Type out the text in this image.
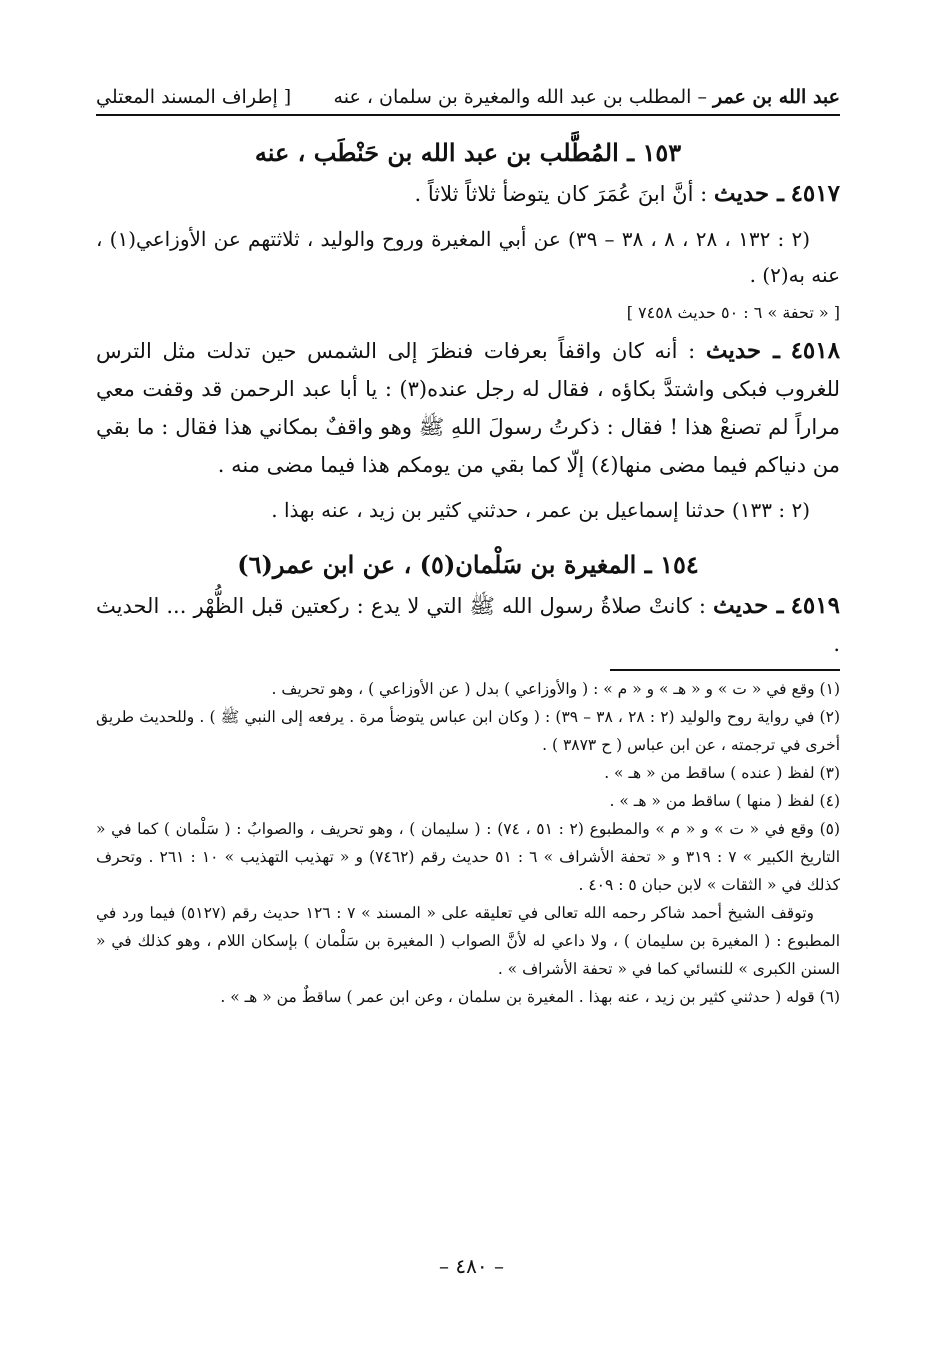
عبد الله بن عمر – المطلب بن عبد الله والمغيرة بن سلمان ، عنه
[ إطراف المسند المعتلي
١٥٣ ـ المُطَّلب بن عبد الله بن حَنْطَب ، عنه
٤٥١٧ ـ حديث : أنَّ ابنَ عُمَرَ كان يتوضأ ثلاثاً ثلاثاً .
(٢ : ١٣٢ ، ٢٨ ، ٨ ، ٣٨ – ٣٩) عن أبي المغيرة وروح والوليد ، ثلاثتهم عن الأوزاعي(١) ، عنه به(٢) .
[ « تحفة » ٦ : ٥٠ حديث ٧٤٥٨ ]
٤٥١٨ ـ حديث : أنه كان واقفاً بعرفات فنظرَ إلى الشمس حين تدلت مثل الترس للغروب فبكى واشتدَّ بكاؤه ، فقال له رجل عنده(٣) : يا أبا عبد الرحمن قد وقفت معي مراراً لم تصنعْ هذا ! فقال : ذكرتُ رسولَ اللهِ ﷺ وهو واقفٌ بمكاني هذا فقال : ما بقي من دنياكم فيما مضى منها(٤) إلّا كما بقي من يومكم هذا فيما مضى منه .
(٢ : ١٣٣) حدثنا إسماعيل بن عمر ، حدثني كثير بن زيد ، عنه بهذا .
١٥٤ ـ المغيرة بن سَلْمان(٥) ، عن ابن عمر(٦)
٤٥١٩ ـ حديث : كانتْ صلاةُ رسول الله ﷺ التي لا يدع : ركعتين قبل الظُّهْر ... الحديث .
(١) وقع في « ت » و « هـ » و « م » : ( والأوزاعي ) بدل ( عن الأوزاعي ) ، وهو تحريف .
(٢) في رواية روح والوليد (٢ : ٢٨ ، ٣٨ – ٣٩) : ( وكان ابن عباس يتوضأ مرة . يرفعه إلى النبي ﷺ ) . وللحديث طريق أخرى في ترجمته ، عن ابن عباس ( ح ٣٨٧٣ ) .
(٣) لفظ ( عنده ) ساقط من « هـ » .
(٤) لفظ ( منها ) ساقط من « هـ » .
(٥) وقع في « ت » و « م » والمطبوع (٢ : ٥١ ، ٧٤) : ( سليمان ) ، وهو تحريف ، والصوابُ : ( سَلْمان ) كما في « التاريخ الكبير » ٧ : ٣١٩ و « تحفة الأشراف » ٦ : ٥١ حديث رقم (٧٤٦٢) و « تهذيب التهذيب » ١٠ : ٢٦١ . وتحرف كذلك في « الثقات » لابن حبان ٥ : ٤٠٩ .
وتوقف الشيخ أحمد شاكر رحمه الله تعالى في تعليقه على « المسند » ٧ : ١٢٦ حديث رقم (٥١٢٧) فيما ورد في المطبوع : ( المغيرة بن سليمان ) ، ولا داعي له لأنَّ الصواب ( المغيرة بن سَلْمان ) بإسكان اللام ، وهو كذلك في « السنن الكبرى » للنسائي كما في « تحفة الأشراف » .
(٦) قوله ( حدثني كثير بن زيد ، عنه بهذا . المغيرة بن سلمان ، وعن ابن عمر ) ساقطٌ من « هـ » .
– ٤٨٠ –
